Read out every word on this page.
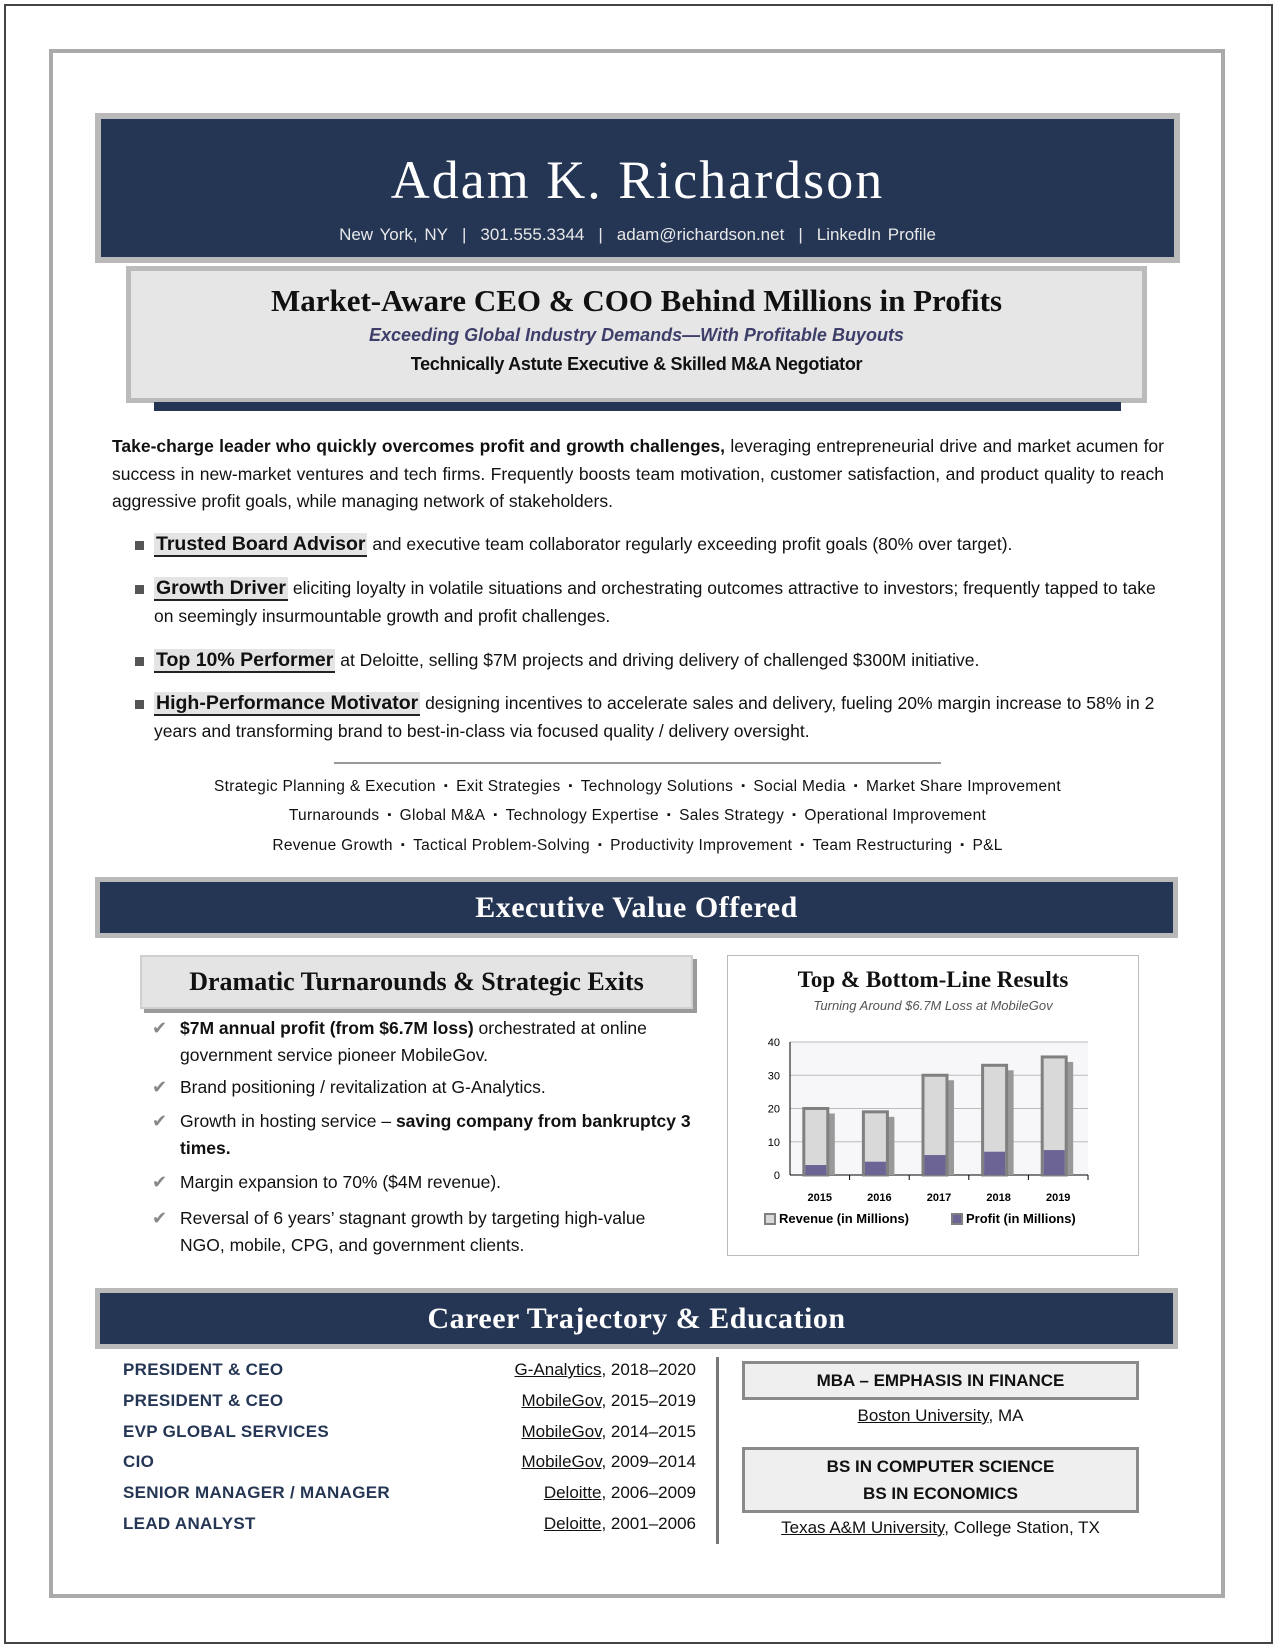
Adam K. Richardson
New York, NY | 301.555.3344 | adam@richardson.net | LinkedIn Profile
Market-Aware CEO & COO Behind Millions in Profits
Exceeding Global Industry Demands—With Profitable Buyouts
Technically Astute Executive & Skilled M&A Negotiator
Take-charge leader who quickly overcomes profit and growth challenges, leveraging entrepreneurial drive and market acumen for success in new-market ventures and tech firms. Frequently boosts team motivation, customer satisfaction, and product quality to reach aggressive profit goals, while managing network of stakeholders.
Executive Value Offered
Dramatic Turnarounds & Strategic Exits	Top & Bottom-Line Results
Turning Around $6.7M Loss at MobileGov
0
10
20
30
40
2015	2016	2017	2018	2019
Revenue (in Millions)	Profit (in Millions)
Career Trajectory & Education
Trusted Board Advisor and executive team collaborator regularly exceeding profit goals (80% over target).
Growth Driver eliciting loyalty in volatile situations and orchestrating outcomes attractive to investors; frequently tapped to take on seemingly insurmountable growth and profit challenges.
Top 10% Performer at Deloitte, selling $7M projects and driving delivery of challenged $300M initiative.
High-Performance Motivator designing incentives to accelerate sales and delivery, fueling 20% margin increase to 58% in 2 years and transforming brand to best-in-class via focused quality / delivery oversight.
Strategic Planning & Execution ▪ Exit Strategies ▪ Technology Solutions ▪ Social Media ▪ Market Share Improvement
Turnarounds ▪ Global M&A ▪ Technology Expertise ▪ Sales Strategy ▪ Operational Improvement
Revenue Growth ▪ Tactical Problem-Solving ▪ Productivity Improvement ▪ Team Restructuring ▪ P&L
✔ $7M annual profit (from $6.7M loss) orchestrated at online government service pioneer MobileGov.
✔ Brand positioning / revitalization at G-Analytics.
✔ Growth in hosting service – saving company from bankruptcy 3 times.
✔ Margin expansion to 70% ($4M revenue).
✔ Reversal of 6 years’ stagnant growth by targeting high-value NGO, mobile, CPG, and government clients.
PRESIDENT & CEO	G-Analytics, 2018–2020
PRESIDENT & CEO	MobileGov, 2015–2019
EVP GLOBAL SERVICES	MobileGov, 2014–2015
CIO	MobileGov, 2009–2014
SENIOR MANAGER / MANAGER	Deloitte, 2006–2009
LEAD ANALYST	Deloitte, 2001–2006
MBA – EMPHASIS IN FINANCE
Boston University, MA
BS IN COMPUTER SCIENCE
BS IN ECONOMICS
Texas A&M University, College Station, TX
